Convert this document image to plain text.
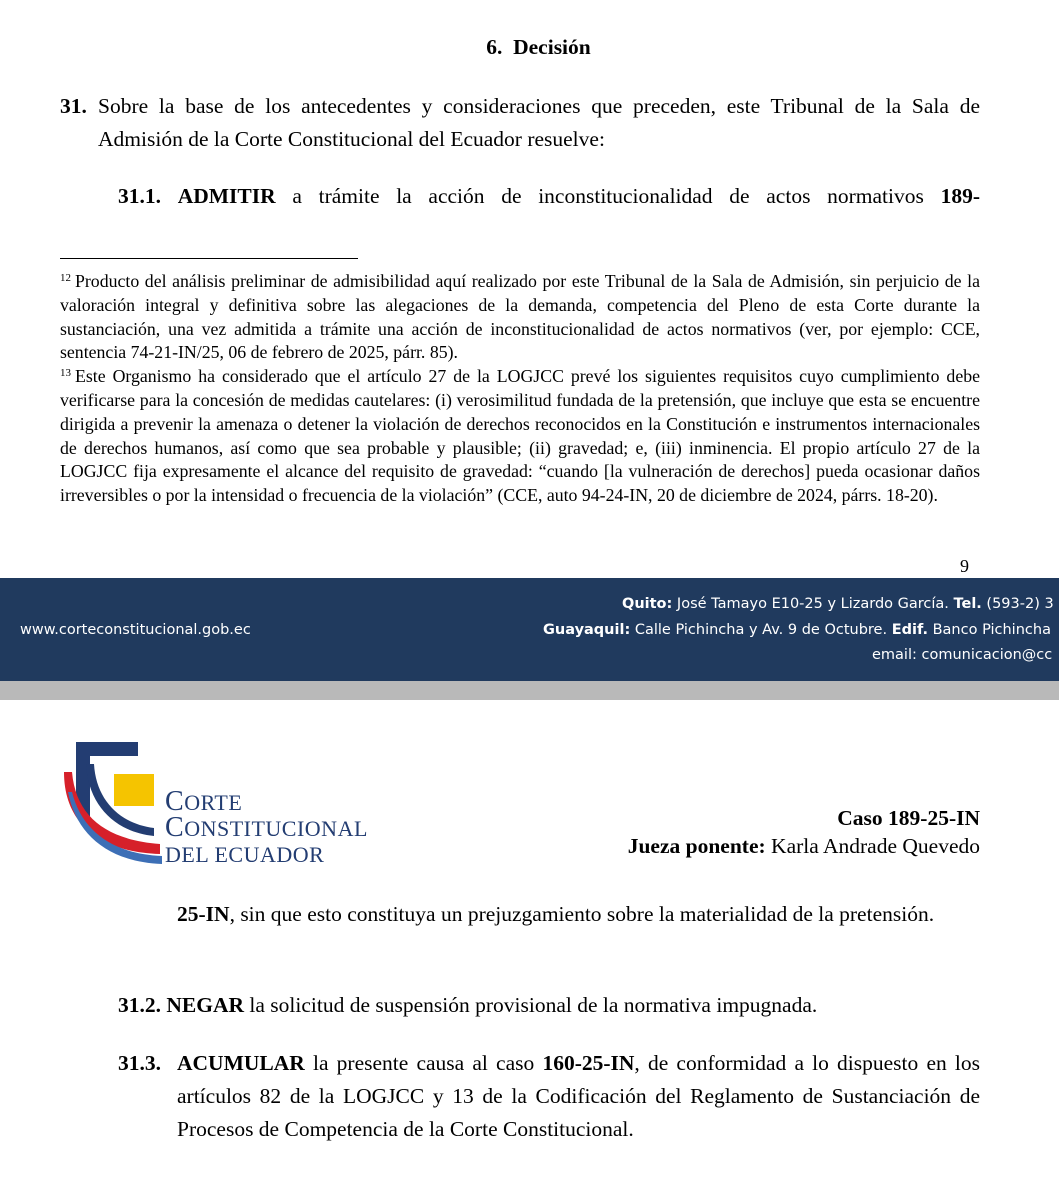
6.  Decisión
31. Sobre la base de los antecedentes y consideraciones que preceden, este Tribunal de la Sala de Admisión de la Corte Constitucional del Ecuador resuelve:
31.1. ADMITIR a trámite la acción de inconstitucionalidad de actos normativos 189-

$^{12}$ Producto del análisis preliminar de admisibilidad aquí realizado por este Tribunal de la Sala de Admisión, sin perjuicio de la valoración integral y definitiva sobre las alegaciones de la demanda, competencia del Pleno de esta Corte durante la sustanciación, una vez admitida a trámite una acción de inconstitucionalidad de actos normativos (ver, por ejemplo: CCE, sentencia 74-21-IN/25, 06 de febrero de 2025, párr. 85).

$^{13}$ Este Organismo ha considerado que el artículo 27 de la LOGJCC prevé los siguientes requisitos cuyo cumplimiento debe verificarse para la concesión de medidas cautelares: (i) verosimilitud fundada de la pretensión, que incluye que esta se encuentre dirigida a prevenir la amenaza o detener la violación de derechos reconocidos en la Constitución e instrumentos internacionales de derechos humanos, así como que sea probable y plausible; (ii) gravedad; e, (iii) inminencia. El propio artículo 27 de la LOGJCC fija expresamente el alcance del requisito de gravedad: “cuando [la vulneración de derechos] pueda ocasionar daños irreversibles o por la intensidad o frecuencia de la violación” (CCE, auto 94-24-IN, 20 de diciembre de 2024, párrs. 18-20).

9
www.corteconstitucional.gob.ec
Quito: José Tamayo E10-25 y Lizardo García. Tel. (593-2) 3
Guayaquil: Calle Pichincha y Av. 9 de Octubre. Edif. Banco Pichincha
email: comunicacion@cc
CORTE
CONSTITUCIONAL
DEL ECUADOR
Caso 189-25-IN
Jueza ponente: Karla Andrade Quevedo
25-IN, sin que esto constituya un prejuzgamiento sobre la materialidad de la pretensión.
31.2. NEGAR la solicitud de suspensión provisional de la normativa impugnada.
31.3. ACUMULAR la presente causa al caso 160-25-IN, de conformidad a lo dispuesto en los artículos 82 de la LOGJCC y 13 de la Codificación del Reglamento de Sustanciación de Procesos de Competencia de la Corte Constitucional.
